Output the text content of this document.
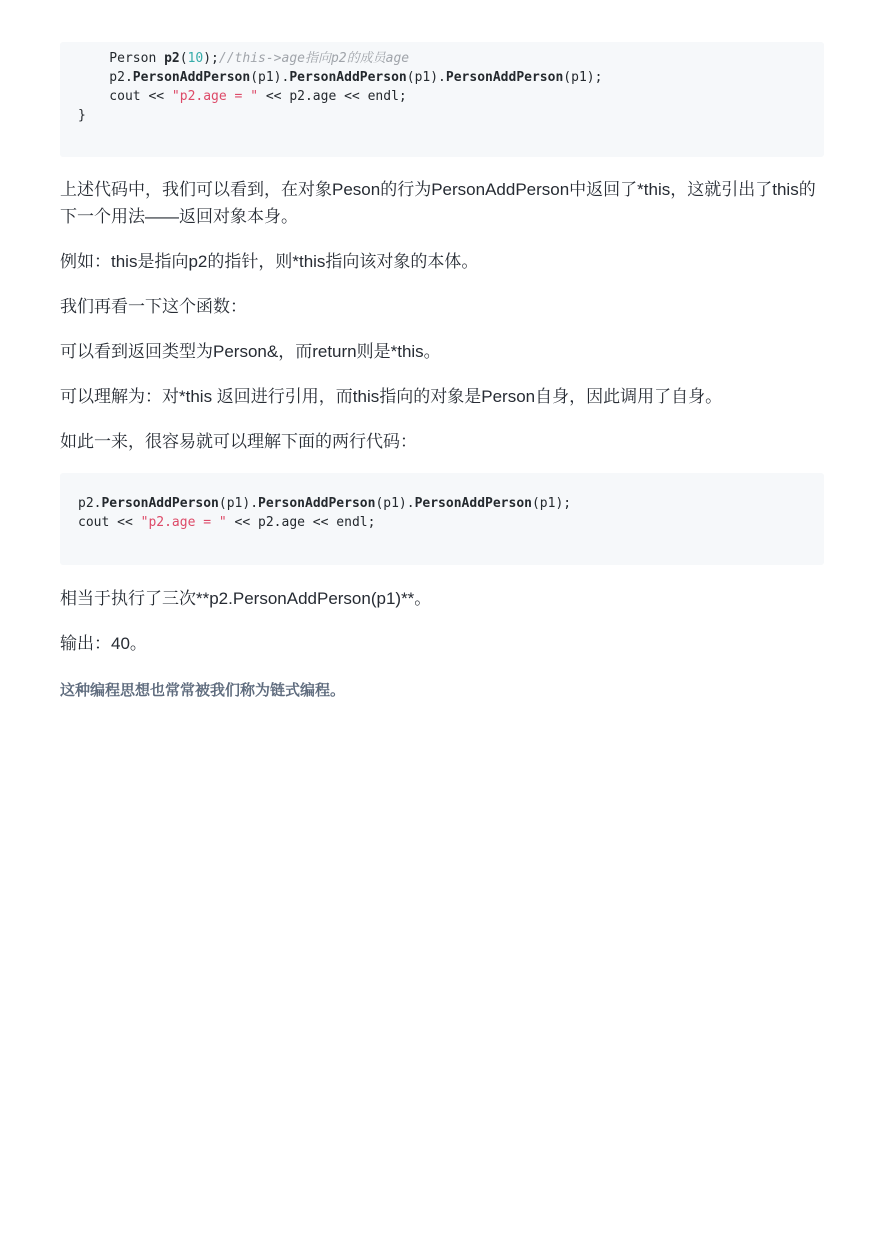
Person p2(10);//this->age指向p2的成员age
p2.PersonAddPerson(p1).PersonAddPerson(p1).PersonAddPerson(p1);
cout << "p2.age = " << p2.age << endl;
}

上述代码中，我们可以看到，在对象Peson的行为PersonAddPerson中返回了*this，这就引出了this的下一个用法——返回对象本身。

例如：this是指向p2的指针，则*this指向该对象的本体。

我们再看一下这个函数：

可以看到返回类型为Person&，而return则是*this。

可以理解为：对*this 返回进行引用，而this指向的对象是Person自身，因此调用了自身。

如此一来，很容易就可以理解下面的两行代码：

p2.PersonAddPerson(p1).PersonAddPerson(p1).PersonAddPerson(p1);
cout << "p2.age = " << p2.age << endl;

相当于执行了三次**p2.PersonAddPerson(p1)**。

输出：40。

这种编程思想也常常被我们称为链式编程。
